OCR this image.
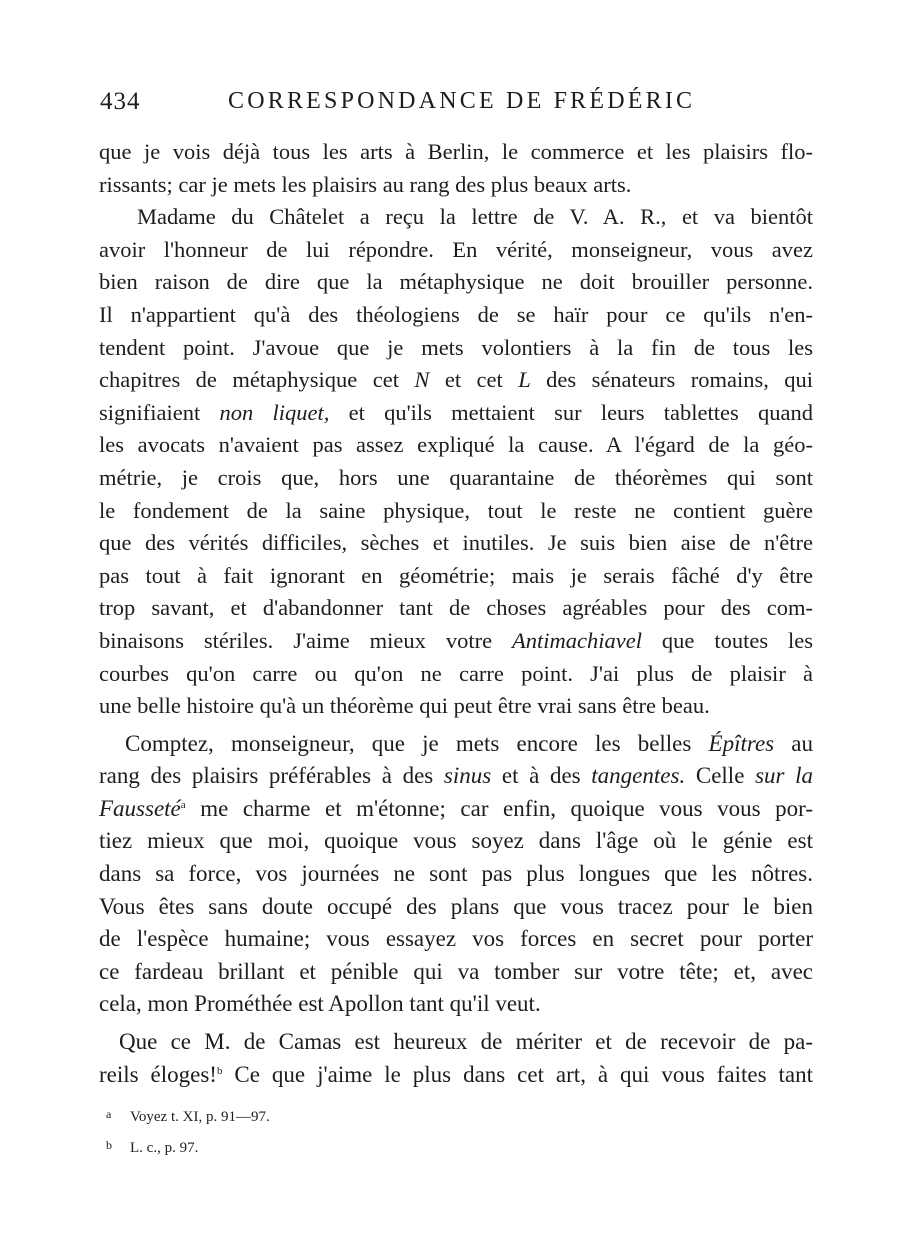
434	CORRESPONDANCE DE FRÉDÉRIC
que je vois déjà tous les arts à Berlin, le commerce et les plaisirs flo-
rissants; car je mets les plaisirs au rang des plus beaux arts.
Madame du Châtelet a reçu la lettre de V. A. R., et va bientôt
avoir l'honneur de lui répondre. En vérité, monseigneur, vous avez
bien raison de dire que la métaphysique ne doit brouiller personne.
Il n'appartient qu'à des théologiens de se haïr pour ce qu'ils n'en-
tendent point. J'avoue que je mets volontiers à la fin de tous les
chapitres de métaphysique cet N et cet L des sénateurs romains, qui
signifiaient non liquet, et qu'ils mettaient sur leurs tablettes quand
les avocats n'avaient pas assez expliqué la cause. A l'égard de la géo-
métrie, je crois que, hors une quarantaine de théorèmes qui sont
le fondement de la saine physique, tout le reste ne contient guère
que des vérités difficiles, sèches et inutiles. Je suis bien aise de n'être
pas tout à fait ignorant en géométrie; mais je serais fâché d'y être
trop savant, et d'abandonner tant de choses agréables pour des com-
binaisons stériles. J'aime mieux votre Antimachiavel que toutes les
courbes qu'on carre ou qu'on ne carre point. J'ai plus de plaisir à
une belle histoire qu'à un théorème qui peut être vrai sans être beau.
Comptez, monseigneur, que je mets encore les belles Épîtres au
rang des plaisirs préférables à des sinus et à des tangentes. Celle sur la
Fausseté$^a$ me charme et m'étonne; car enfin, quoique vous vous por-
tiez mieux que moi, quoique vous soyez dans l'âge où le génie est
dans sa force, vos journées ne sont pas plus longues que les nôtres.
Vous êtes sans doute occupé des plans que vous tracez pour le bien
de l'espèce humaine; vous essayez vos forces en secret pour porter
ce fardeau brillant et pénible qui va tomber sur votre tête; et, avec
cela, mon Prométhée est Apollon tant qu'il veut.
Que ce M. de Camas est heureux de mériter et de recevoir de pa-
reils éloges!$^b$ Ce que j'aime le plus dans cet art, à qui vous faites tant
a Voyez t. XI, p. 91—97.
b L. c., p. 97.
